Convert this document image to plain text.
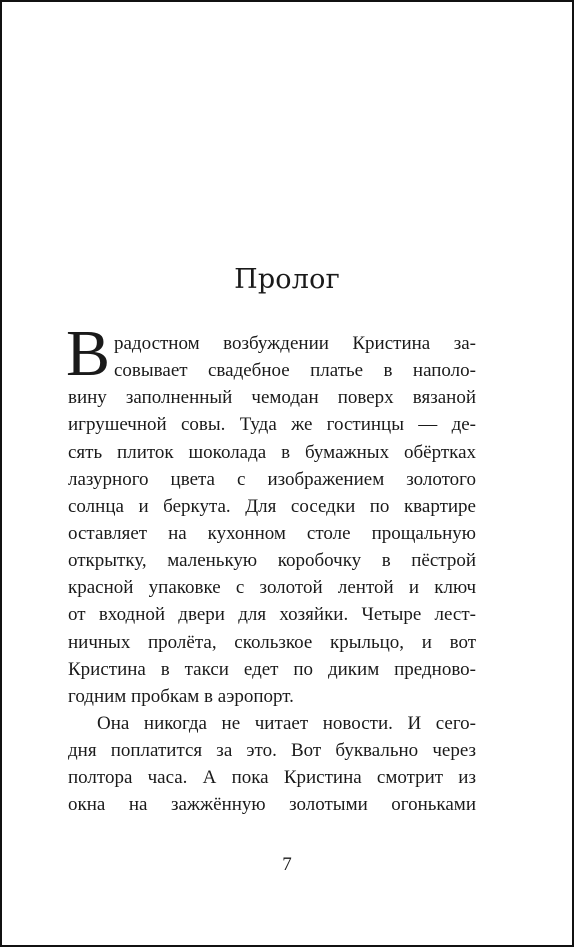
Пролог
В радостном возбуждении Кристина за-
совывает свадебное платье в наполо-
вину заполненный чемодан поверх вязаной
игрушечной совы. Туда же гостинцы — де-
сять плиток шоколада в бумажных обёртках
лазурного цвета с изображением золотого
солнца и беркута. Для соседки по квартире
оставляет на кухонном столе прощальную
открытку, маленькую коробочку в пёстрой
красной упаковке с золотой лентой и ключ
от входной двери для хозяйки. Четыре лест-
ничных пролёта, скользкое крыльцо, и вот
Кристина в такси едет по диким предново-
годним пробкам в аэропорт.
Она никогда не читает новости. И сего-
дня поплатится за это. Вот буквально через
полтора часа. А пока Кристина смотрит из
окна на зажжённую золотыми огоньками
7
